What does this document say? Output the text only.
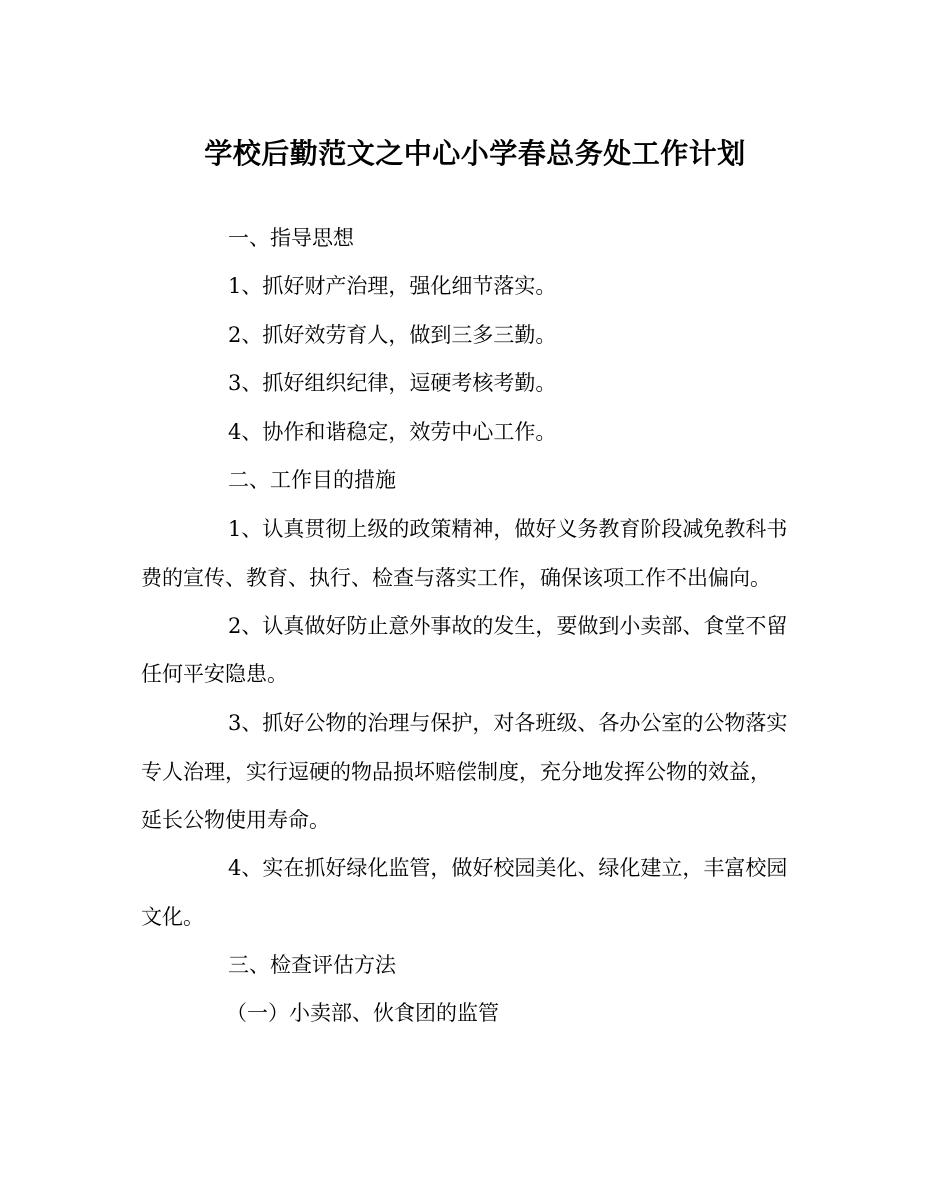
学校后勤范文之中心小学春总务处工作计划
一、指导思想
1、抓好财产治理，强化细节落实。
2、抓好效劳育人，做到三多三勤。
3、抓好组织纪律，逗硬考核考勤。
4、协作和谐稳定，效劳中心工作。
二、工作目的措施
1、认真贯彻上级的政策精神，做好义务教育阶段减免教科书
费的宣传、教育、执行、检查与落实工作，确保该项工作不出偏向。
2、认真做好防止意外事故的发生，要做到小卖部、食堂不留
任何平安隐患。
3、抓好公物的治理与保护，对各班级、各办公室的公物落实
专人治理，实行逗硬的物品损坏赔偿制度，充分地发挥公物的效益，
延长公物使用寿命。
4、实在抓好绿化监管，做好校园美化、绿化建立，丰富校园
文化。
三、检查评估方法
（一）小卖部、伙食团的监管
